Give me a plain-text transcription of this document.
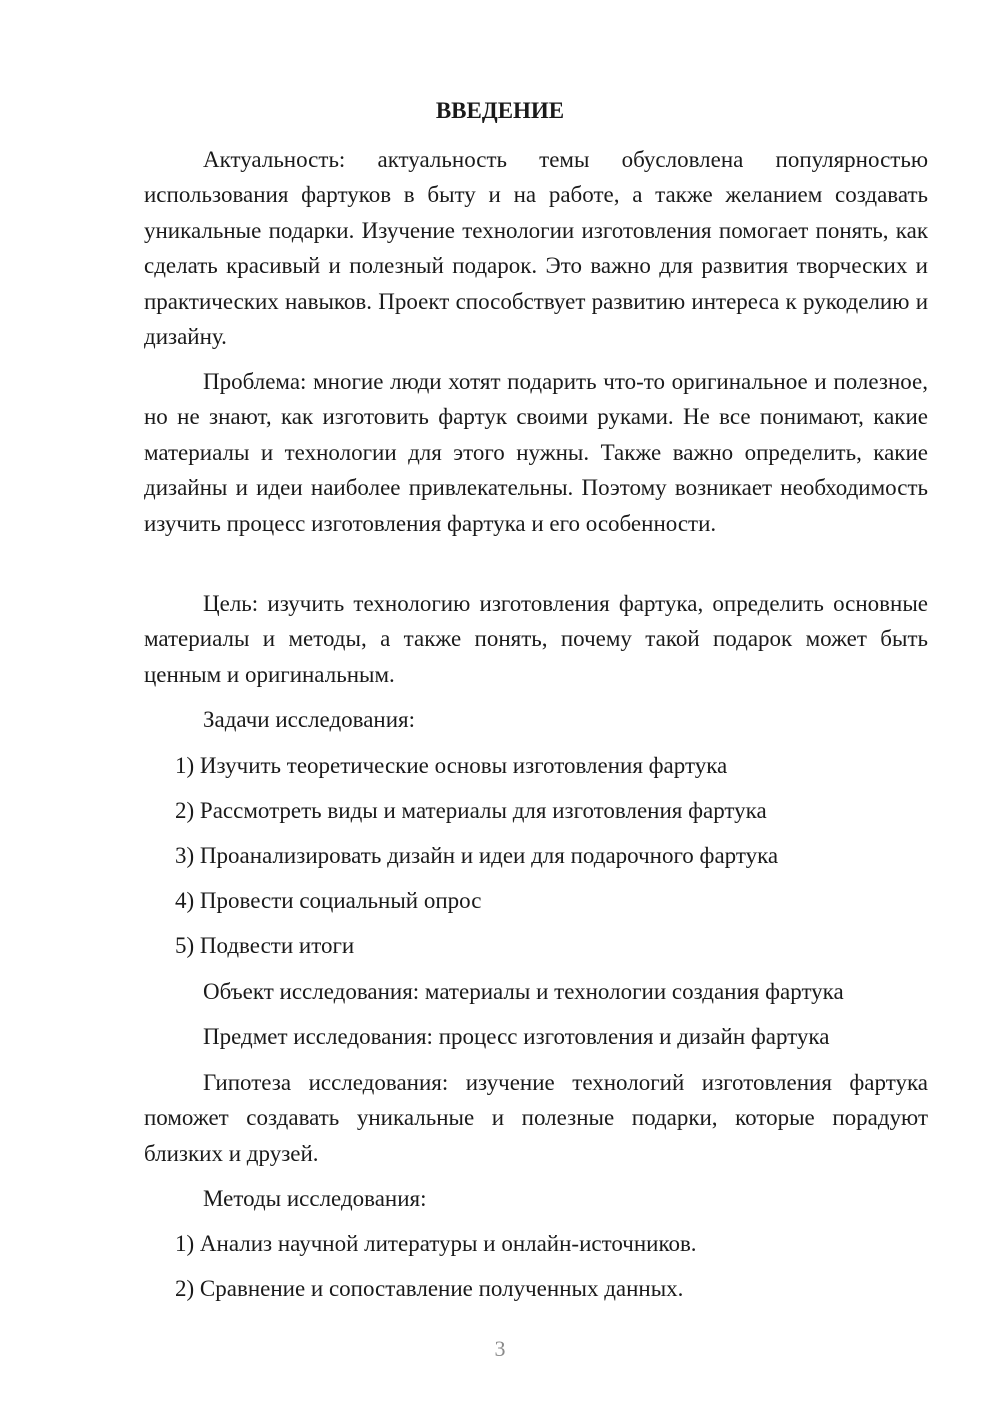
ВВЕДЕНИЕ

Актуальность: актуальность темы обусловлена популярностью использования фартуков в быту и на работе, а также желанием создавать уникальные подарки. Изучение технологии изготовления помогает понять, как сделать красивый и полезный подарок. Это важно для развития творческих и практических навыков. Проект способствует развитию интереса к рукоделию и дизайну.

Проблема: многие люди хотят подарить что-то оригинальное и полезное, но не знают, как изготовить фартук своими руками. Не все понимают, какие материалы и технологии для этого нужны. Также важно определить, какие дизайны и идеи наиболее привлекательны. Поэтому возникает необходимость изучить процесс изготовления фартука и его особенности.

Цель: изучить технологию изготовления фартука, определить основные материалы и методы, а также понять, почему такой подарок может быть ценным и оригинальным.

Задачи исследования:
1) Изучить теоретические основы изготовления фартука
2) Рассмотреть виды и материалы для изготовления фартука
3) Проанализировать дизайн и идеи для подарочного фартука
4) Провести социальный опрос
5) Подвести итоги
Объект исследования: материалы и технологии создания фартука
Предмет исследования: процесс изготовления и дизайн фартука

Гипотеза исследования: изучение технологий изготовления фартука поможет создавать уникальные и полезные подарки, которые порадуют близких и друзей.

Методы исследования:
1) Анализ научной литературы и онлайн-источников.
2) Сравнение и сопоставление полученных данных.
3
